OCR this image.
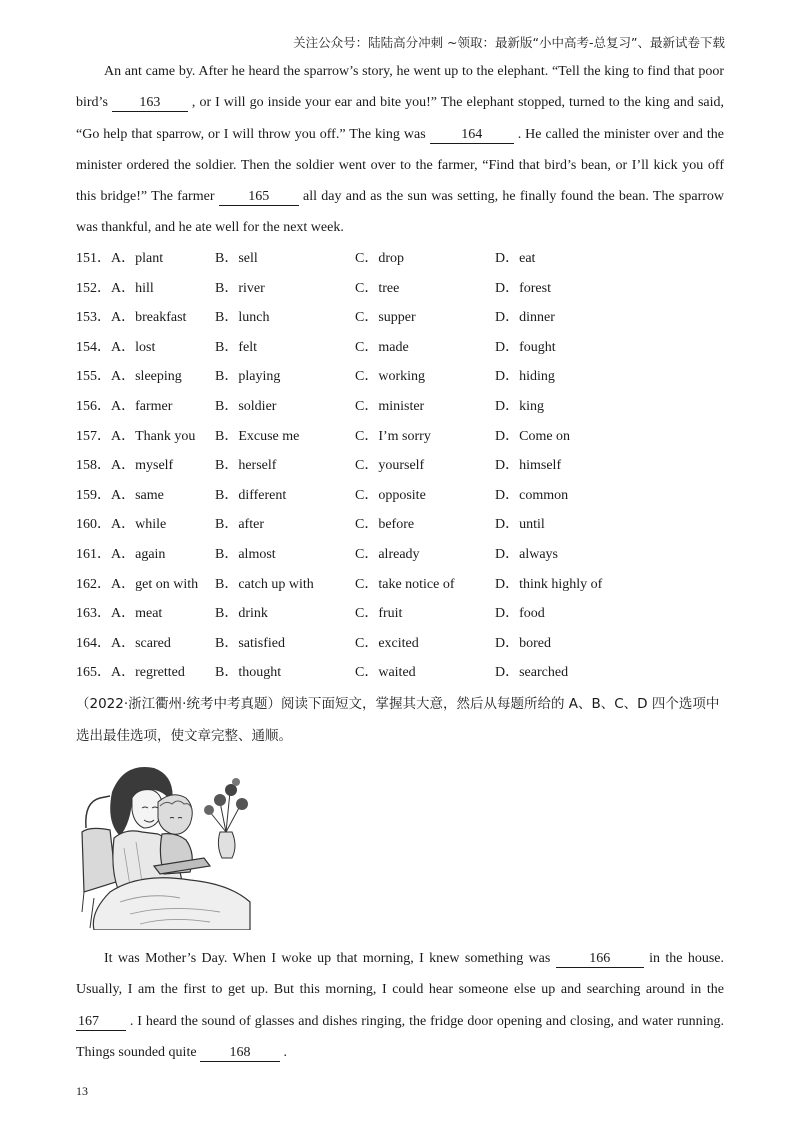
关注公众号：陆陆高分冲刺 ~领取：最新版“小中高考-总复习”、最新试卷下载

An ant came by. After he heard the sparrow’s story, he went up to the elephant. “Tell the king to find that poor bird’s 163 , or I will go inside your ear and bite you!” The elephant stopped, turned to the king and said, “Go help that sparrow, or I will throw you off.” The king was	164	. He called the minister over and the minister ordered the soldier. Then the soldier went over to the farmer, “Find that bird’s bean, or I’ll kick you off this bridge!” The farmer 165 all day and as the sun was setting, he finally found the bean. The sparrow was thankful, and he ate well for the next week.

151．A．plant	B．sell	C．drop	D．eat
152．A．hill	B．river	C．tree	D．forest
153．A．breakfast B．lunch	C．supper	D．dinner
154．A．lost	B．felt	C．made	D．fought
155．A．sleeping B．playing	C．working	D．hiding
156．A．farmer	B．soldier	C．minister	D．king
157．A．Thank you B．Excuse me	C．I’m sorry	D．Come on
158．A．myself	B．herself	C．yourself	D．himself
159．A．same	B．different	C．opposite	D．common
160．A．while	B．after	C．before	D．until
161．A．again	B．almost	C．already	D．always
162．A．get on with B．catch up with	C．take notice of	D．think highly of
163．A．meat	B．drink	C．fruit	D．food
164．A．scared	B．satisfied	C．excited	D．bored
165．A．regretted B．thought	C．waited	D．searched

（2022·浙江衢州·统考中考真题）阅读下面短文，掌握其大意，然后从每题所给的 A、B、C、D 四个选项中选出最佳选项，使文章完整、通顺。

It was Mother’s Day. When I woke up that morning, I knew something was	166	in the house. Usually, I am the first to get up. But this morning, I could hear someone else up and searching around in the 167 . I heard the sound of glasses and dishes ringing, the fridge door opening and closing, and water running. Things sounded quite 168 .

13
